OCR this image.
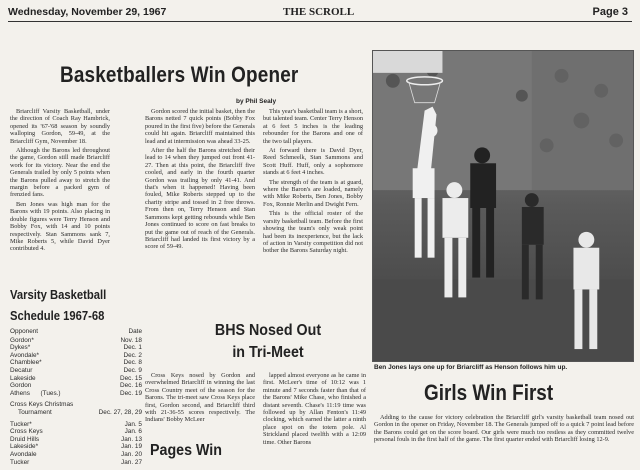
Wednesday, November 29, 1967	THE SCROLL	Page 3
Basketballers Win Opener
by Phil Sealy

Briarcliff Varsity Basketball, under the direction of Coach Ray Hambrick, opened its '67-'68 season by soundly walloping Gordon, 59-49, at the Briarcliff Gym, November 18.

Although the Barons led throughout the game, Gordon still made Briarcliff work for its victory. Near the end the Generals trailed by only 5 points when the Barons pulled away to stretch the margin before a packed gym of frenzied fans.

Ben Jones was high man for the Barons with 19 points. Also placing in double figures were Terry Henson and Bobby Fox, with 14 and 10 points respectively. Stan Sammons sank 7, Mike Roberts 5, while David Dyer contributed 4.

Gordon scored the initial basket, then the Barons netted 7 quick points (Bobby Fox poured in the first five) before the Generals could hit again. Briarcliff maintained this lead and at intermission was ahead 33-25.

After the half the Barons stretched their lead to 14 when they jumped out front 41-27. Then at this point, the Briarcliff five cooled, and early in the fourth quarter Gordon was trailing by only 41-41. And that's when it happened! Having been fouled, Mike Roberts stepped up to the charity stripe and tossed in 2 free throws. From then on, Terry Henson and Stan Sammons kept getting rebounds while Ben Jones continued to score on fast breaks to put the game out of reach of the Generals. Briarcliff had landed its first victory by a score of 59-49.

This year's basketball team is a short, but talented team. Center Terry Henson at 6 feet 5 inches is the leading rebounder for the Barons and one of the two tall players.

At forward there is David Dyer, Reed Schmeelk, Stan Sammons and Scott Huff. Huff, only a sophomore stands at 6 feet 4 inches.

The strength of the team is at guard, where the Baron's are loaded, namely with Mike Roberts, Ben Jones, Bobby Fox, Ronnie Merlin and Dwight Fern.

This is the official roster of the varsity basketball team. Before the first showing the team's only weak point had been its inexperience, but the lack of action in Varsity competition did not bother the Barons Saturday night.

Varsity Basketball
Schedule 1967-68
Opponent	Date
Gordon*	Nov. 18
Dykes*	Dec. 1
Avondale*	Dec. 2
Chamblee*	Dec. 8
Decatur	Dec. 9
Lakeside	Dec. 15
Gordon	Dec. 16
Athens      (Tues.)	Dec. 19
Cross Keys Christmas
Tournament	Dec. 27, 28, 29
Tucker*	Jan. 5
Cross Keys	Jan. 6
Druid Hills	Jan. 13
Lakeside*	Jan. 19
Avondale	Jan. 20
Tucker	Jan. 27
BHS Nosed Out
in Tri-Meet

Cross Keys nosed by Gordon and overwhelmed Briarcliff in winning the last Cross Country meet of the season for the Barons. The tri-meet saw Cross Keys place first, Gordon second, and Briarcliff third with 21-36-55 scores respectively. The Indians' Bobby McLeer

lapped almost everyone as he came in first. McLeer's time of 10:12 was 1 minute and 7 seconds faster than that of the Barons' Mike Chase, who finished a distant seventh. Chase's 11:19 time was followed up by Allan Fenton's 11:49 clocking, which earned the latter a ninth place spot on the totem pole. Al Strickland placed twelfth with a 12:09 time. Other Barons

Pages Win
Ben Jones lays one up for Briarcliff as Henson follows him up.
Girls Win First

Adding to the cause for victory celebration the Briarcliff girl's varsity basketball team nosed out Gordon in the opener on Friday, November 18. The Generals jumped off to a quick 7 point lead before the Barons could get on the score board. Our girls were much too restless as they committed twelve personal fouls in the first half of the game. The first quarter ended with Briarcliff losing 12-9.
